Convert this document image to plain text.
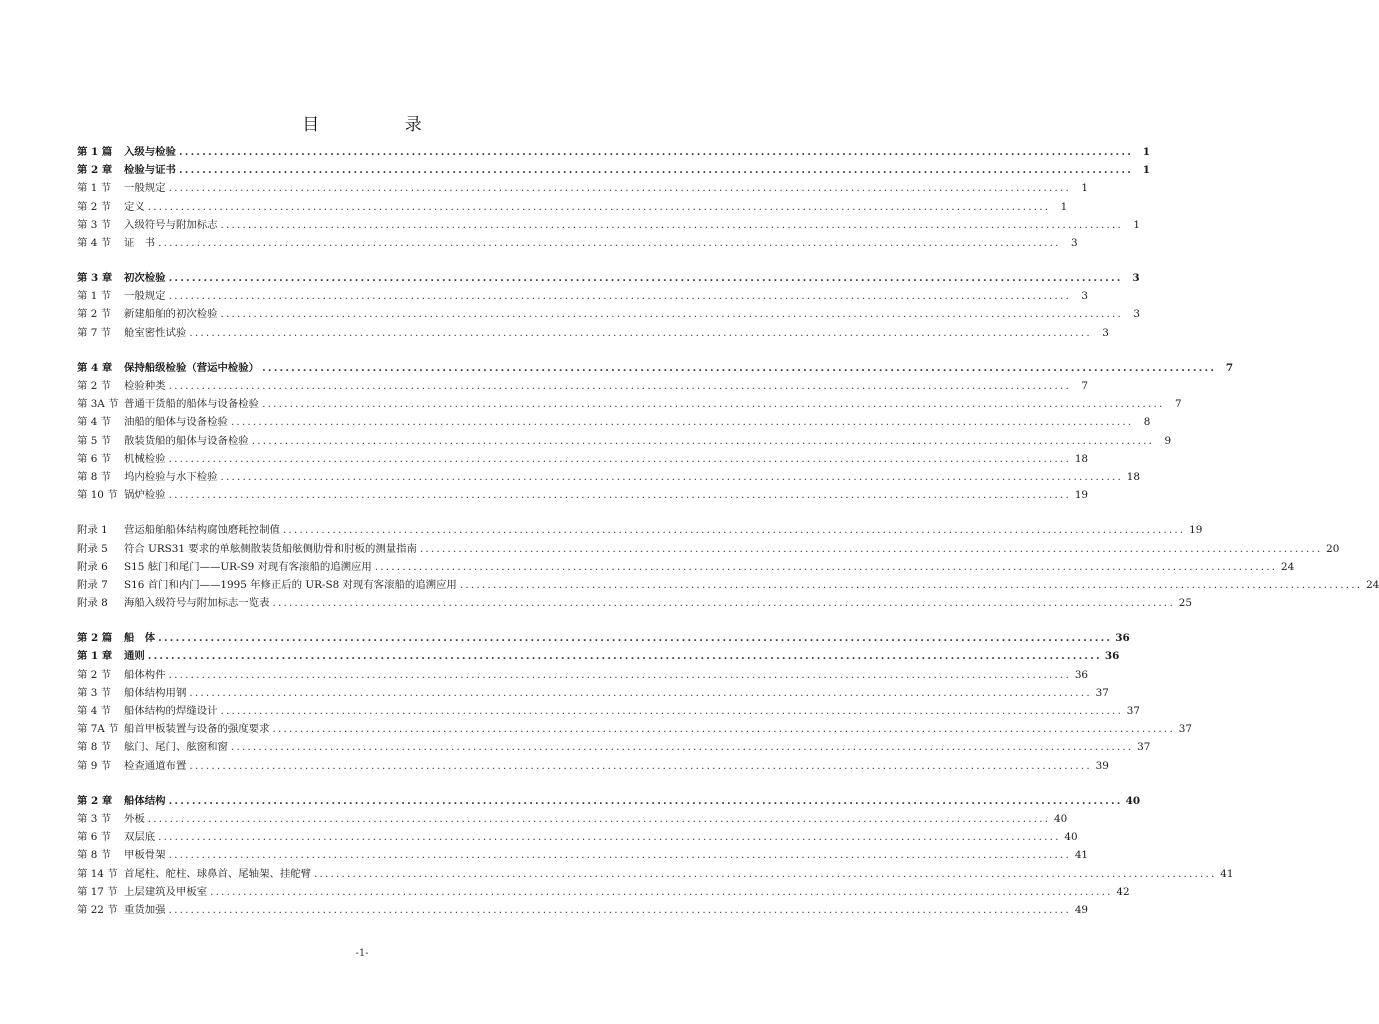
目 录
第 1 篇	入级与检验 .....	1
第 2 章	检验与证书 .....	1
第 1 节	一般规定 .....	1
第 2 节	定义 .....	1
第 3 节	入级符号与附加标志 .....	1
第 4 节	证　书 .....	3
第 3 章	初次检验 .....	3
第 1 节	一般规定 .....	3
第 2 节	新建船舶的初次检验 .....	3
第 7 节	舱室密性试验 .....	3
第 4 章	保持船级检验（营运中检验） .....	7
第 2 节	检验种类 .....	7
第 3A 节 普通干货船的船体与设备检验 .....	7
第 4 节	油船的船体与设备检验 .....	8
第 5 节	散装货船的船体与设备检验 .....	9
第 6 节	机械检验 .....	18
第 8 节	坞内检验与水下检验 .....	18
第 10 节 锅炉检验 .....	19
附录 1	营运船舶船体结构腐蚀磨耗控制值 .....	19
附录 5	符合 URS31 要求的单舷侧散装货船舷侧肋骨和肘板的测量指南 .....	20
附录 6	S15 舷门和尾门——UR-S9 对现有客滚船的追溯应用 .....	24
附录 7	S16 首门和内门——1995 年修正后的 UR-S8 对现有客滚船的追溯应用 .....	24
附录 8	海船入级符号与附加标志一览表 .....	25
第 2 篇	船　体 .....	36
第 1 章	通则 .....	36
第 2 节	船体构件 .....	36
第 3 节	船体结构用钢 .....	37
第 4 节	船体结构的焊缝设计 .....	37
第 7A 节 船首甲板装置与设备的强度要求 .....	37
第 8 节	舷门、尾门、舷窗和窗 .....	37
第 9 节	检查通道布置 .....	39
第 2 章	船体结构 .....	40
第 3 节	外板 .....	40
第 6 节	双层底 .....	40
第 8 节	甲板骨架 .....	41
第 14 节 首尾柱、舵柱、球鼻首、尾轴架、挂舵臂 .....	41
第 17 节 上层建筑及甲板室 .....	42
第 22 节 重货加强 .....	49
-1-
